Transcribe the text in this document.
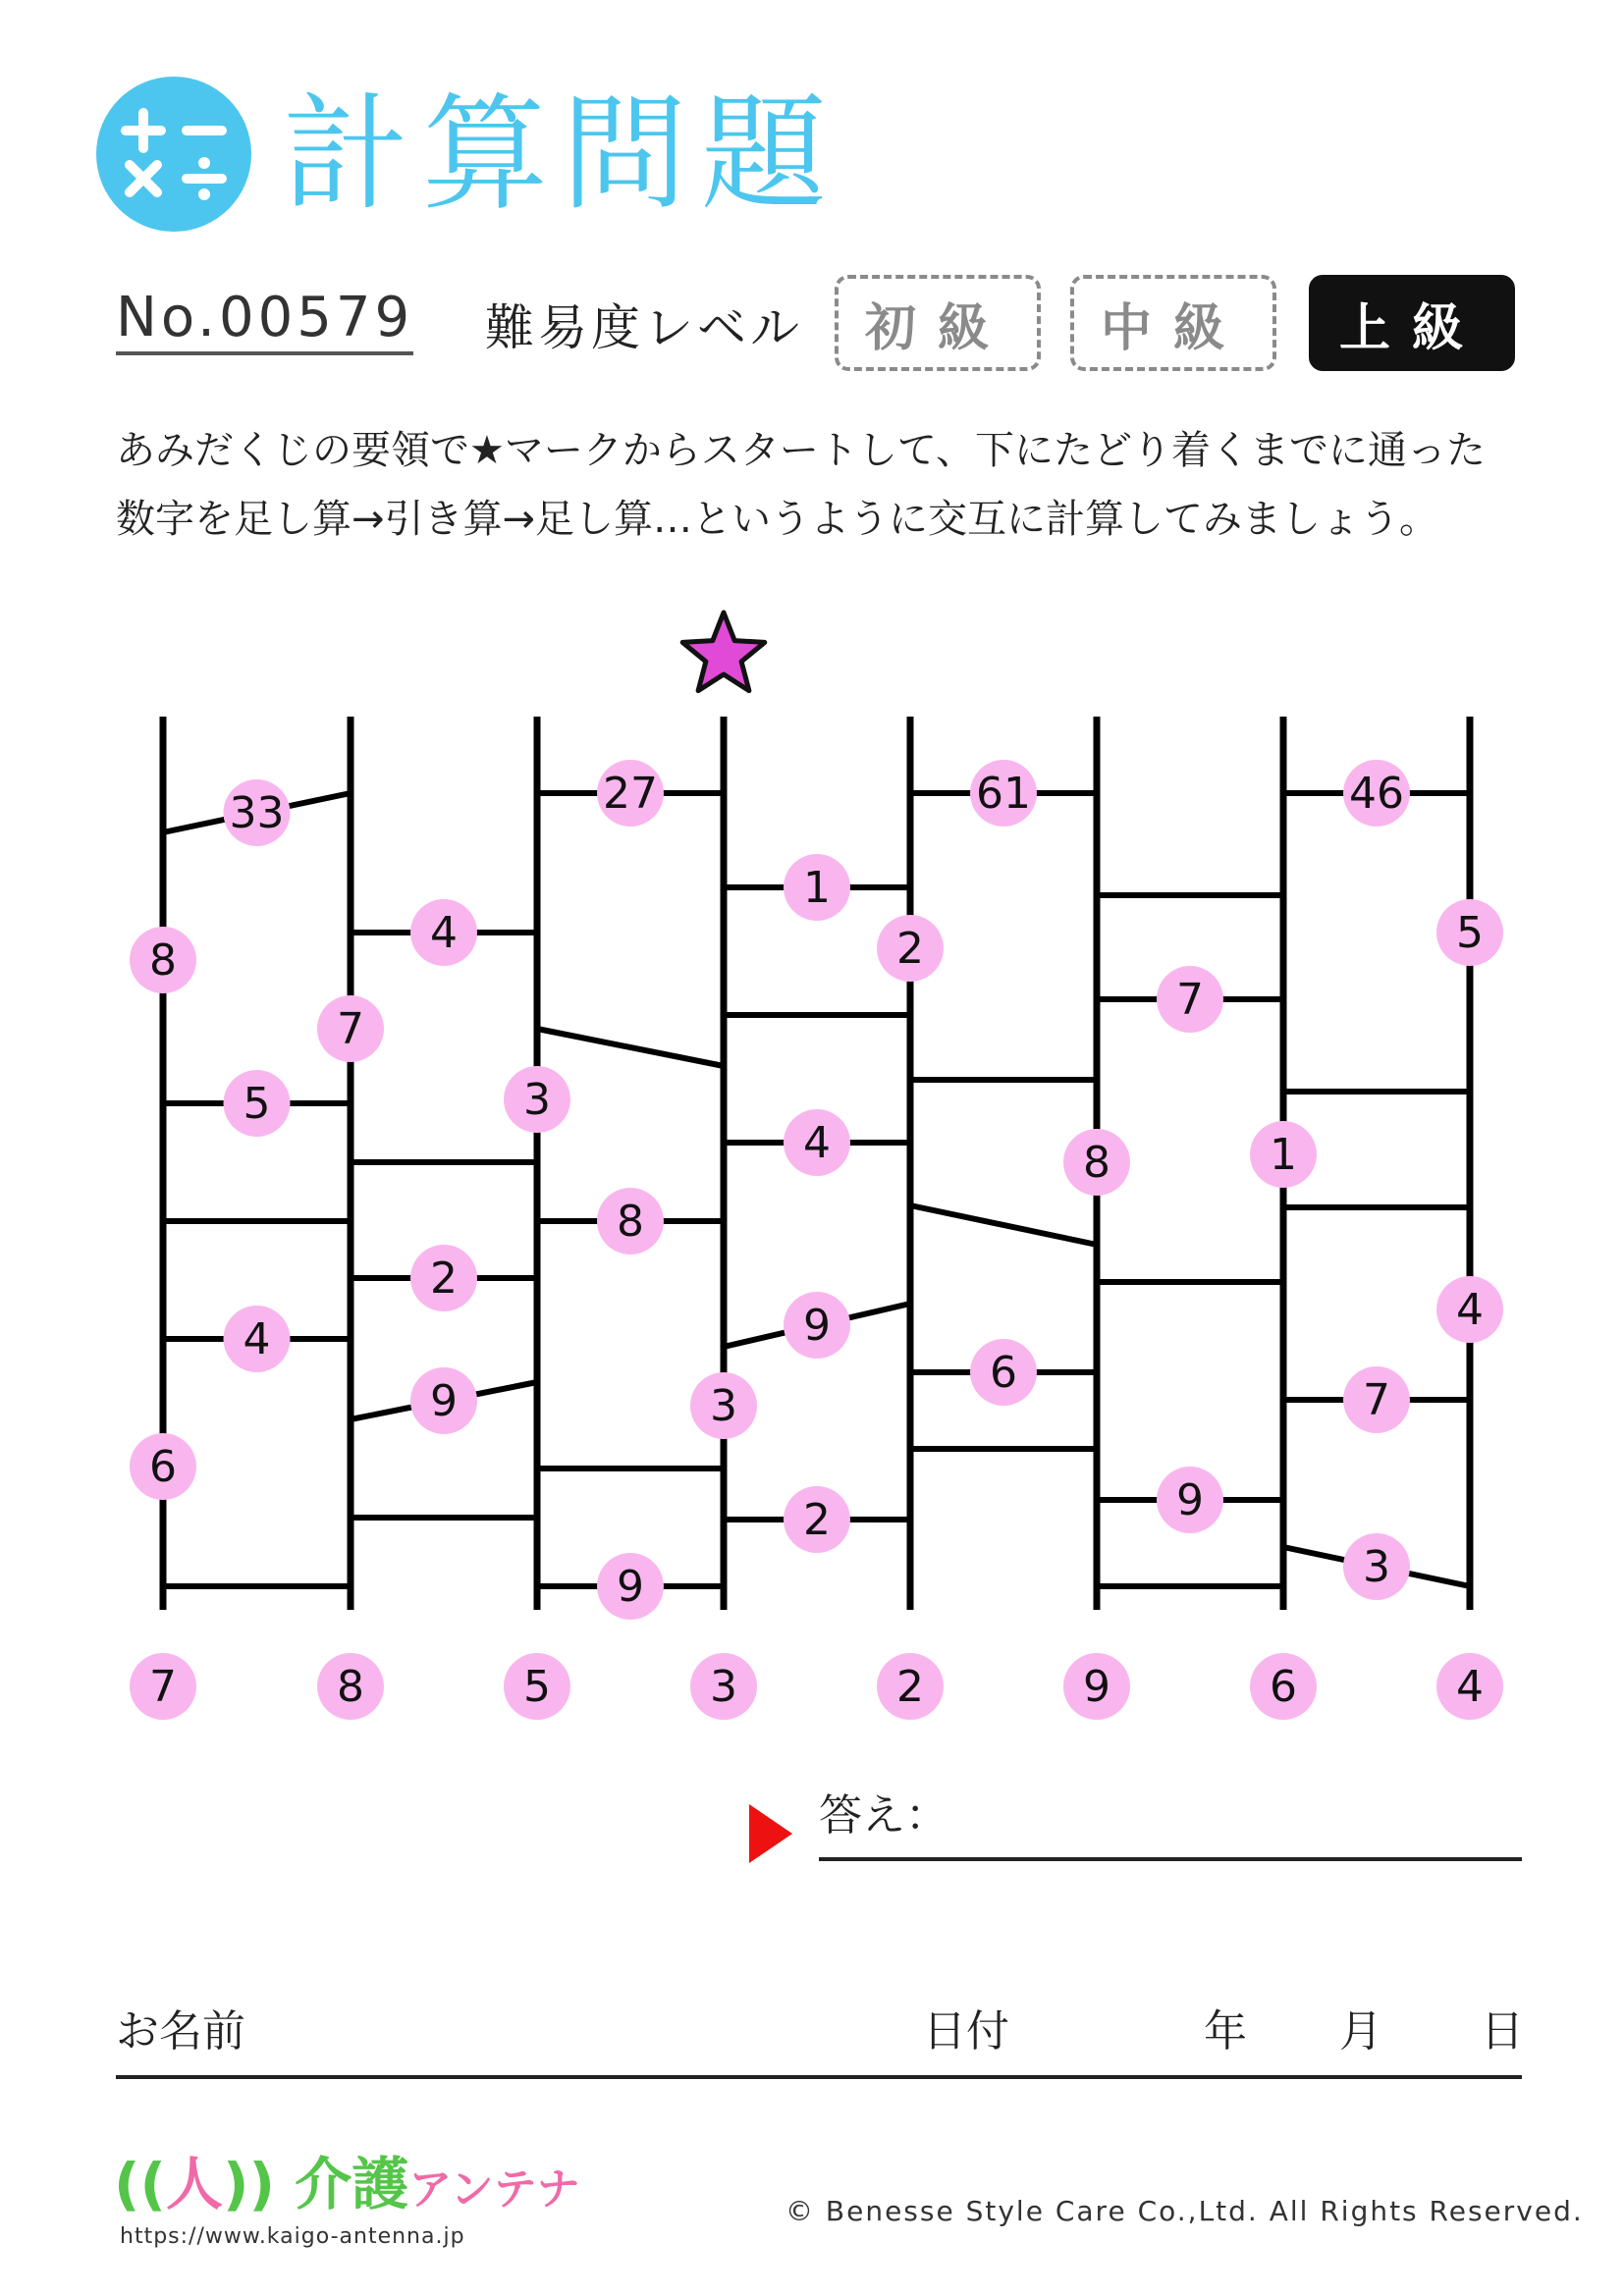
計算問題
No.00579 難易度レベル	初級	中級	上級
あみだくじの要領で★マークからスタートして、下にたどり着くまでに通った
数字を足し算→引き算→足し算…というように交互に計算してみましょう。
33	27	61	46
1
4
7
5
4
8
2
9
4
6
9	7
9
2
3
9
8
7
3
2
8	1
5
4
3
6
7	8	5	3	2	9	6	4
答え：
お名前	日付	年 月 日
((人)) 介護アンテナ
https://www.kaigo-antenna.jp
© Benesse Style Care Co.,Ltd. All Rights Reserved.
